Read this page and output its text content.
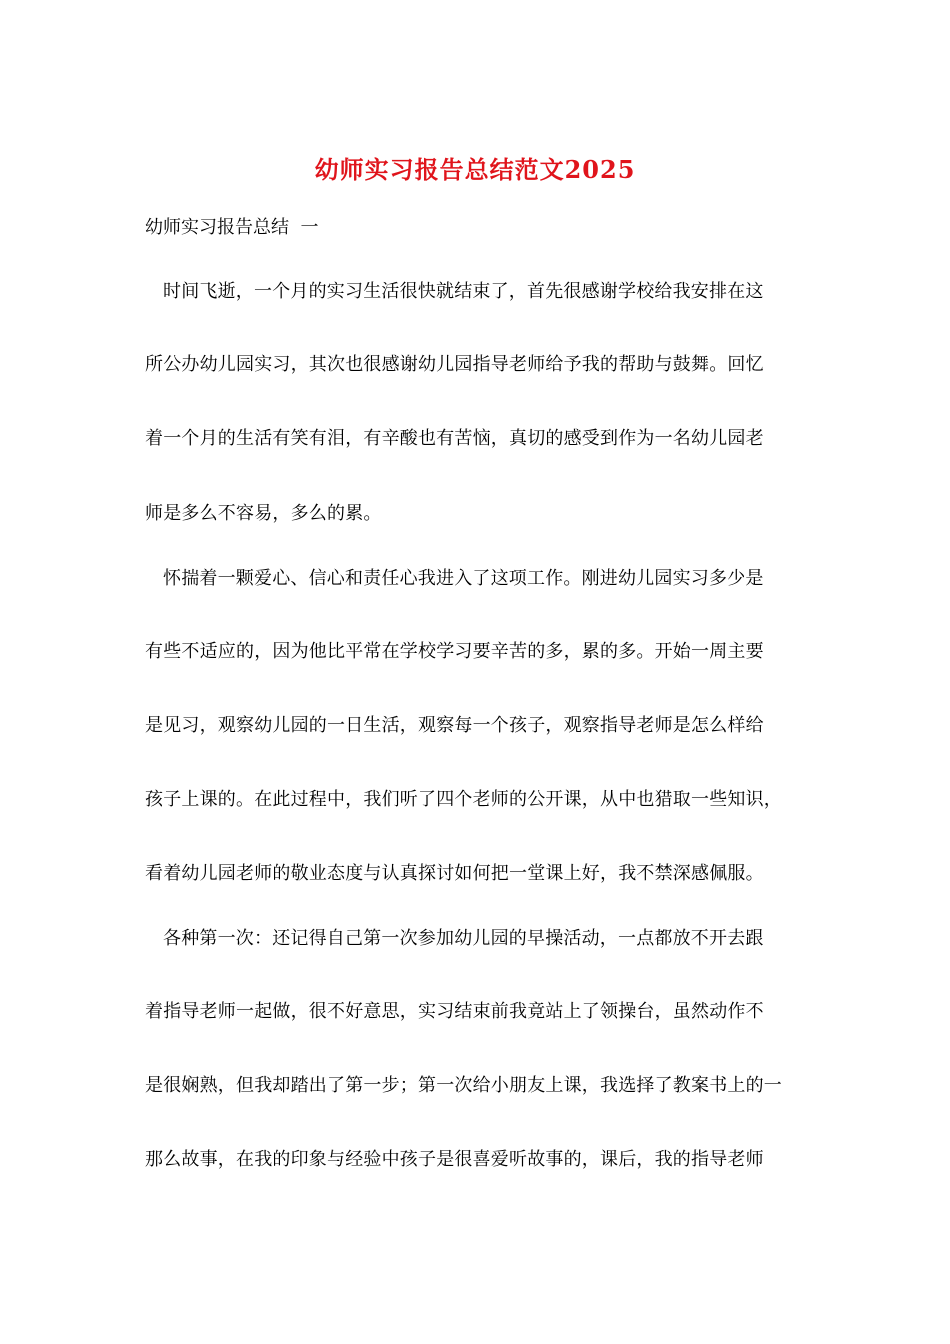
幼师实习报告总结范文2025
幼师实习报告总结  一
时间飞逝，一个月的实习生活很快就结束了，首先很感谢学校给我安排在这
所公办幼儿园实习，其次也很感谢幼儿园指导老师给予我的帮助与鼓舞。回忆
着一个月的生活有笑有泪，有辛酸也有苦恼，真切的感受到作为一名幼儿园老
师是多么不容易，多么的累。
怀揣着一颗爱心、信心和责任心我进入了这项工作。刚进幼儿园实习多少是
有些不适应的，因为他比平常在学校学习要辛苦的多，累的多。开始一周主要
是见习，观察幼儿园的一日生活，观察每一个孩子，观察指导老师是怎么样给
孩子上课的。在此过程中，我们听了四个老师的公开课，从中也猎取一些知识，
看着幼儿园老师的敬业态度与认真探讨如何把一堂课上好，我不禁深感佩服。
各种第一次：还记得自己第一次参加幼儿园的早操活动，一点都放不开去跟
着指导老师一起做，很不好意思，实习结束前我竟站上了领操台，虽然动作不
是很娴熟，但我却踏出了第一步；第一次给小朋友上课，我选择了教案书上的一
那么故事，在我的印象与经验中孩子是很喜爱听故事的，课后，我的指导老师
